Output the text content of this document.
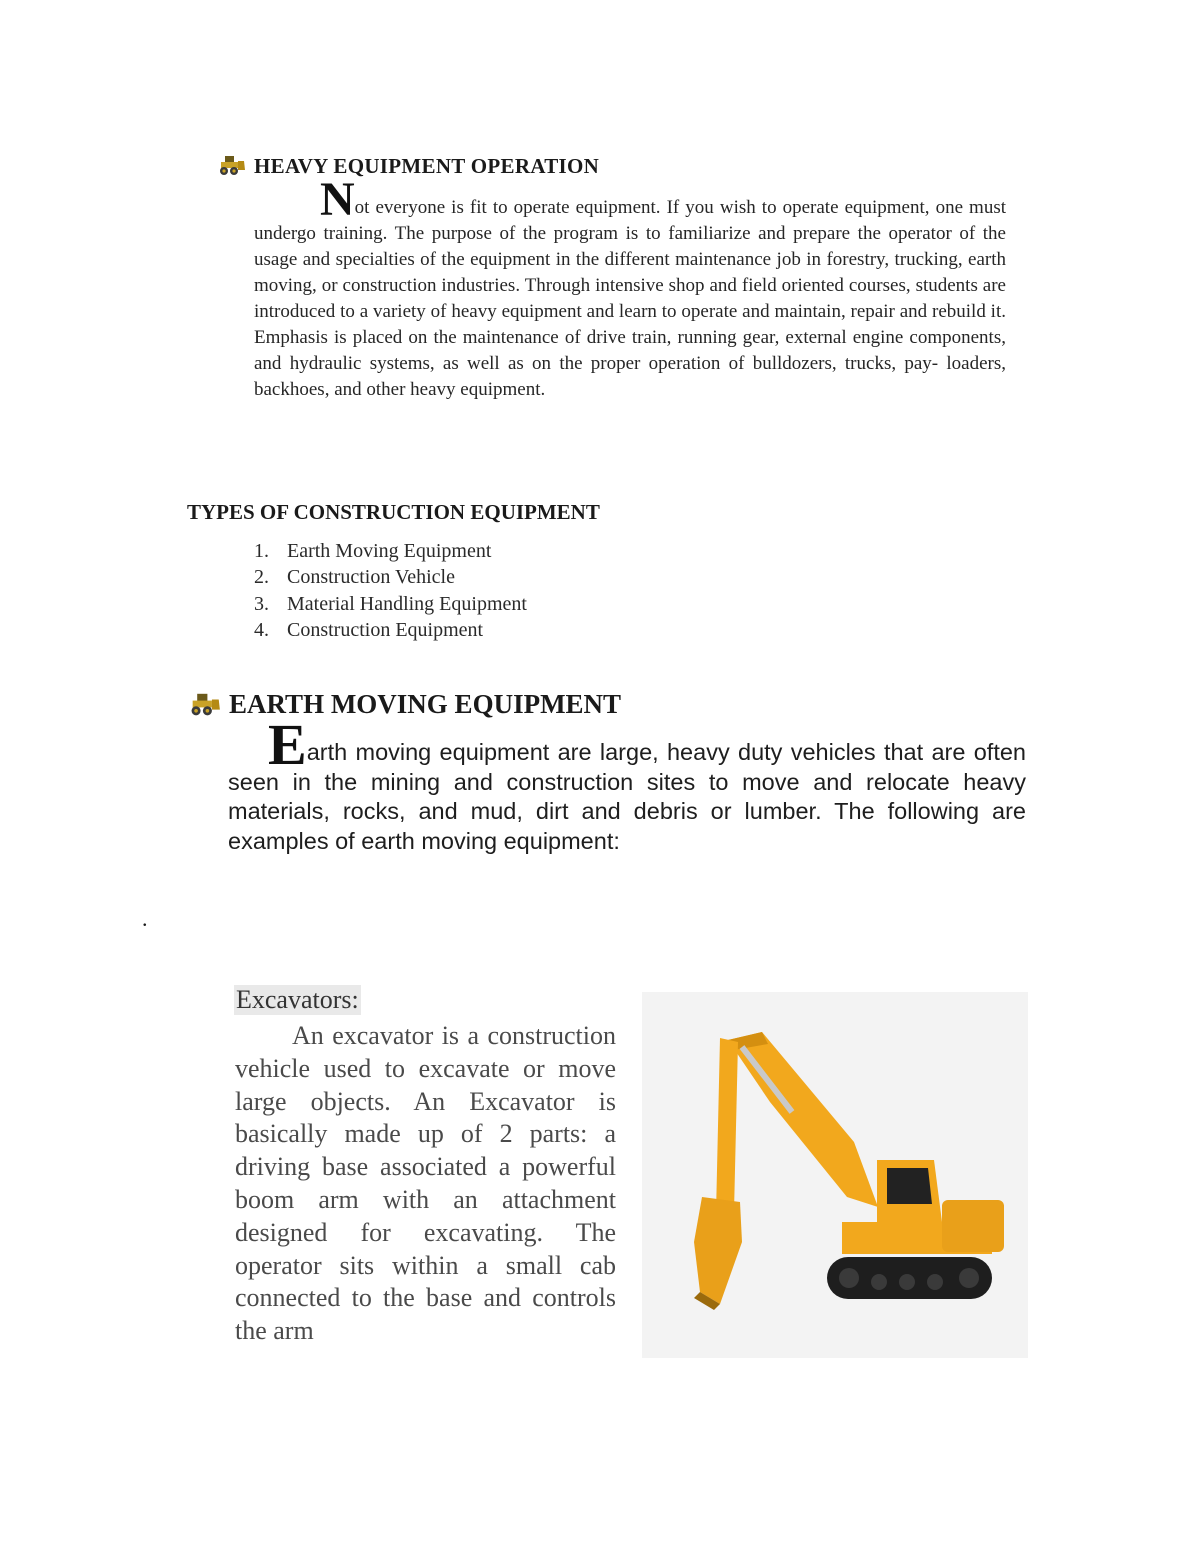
HEAVY EQUIPMENT OPERATION
Not everyone is fit to operate equipment. If you wish to operate equipment, one must undergo training. The purpose of the program is to familiarize and prepare the operator of the usage and specialties of the equipment in the different maintenance job in forestry, trucking, earth moving, or construction industries. Through intensive shop and field oriented courses, students are introduced to a variety of heavy equipment and learn to operate and maintain, repair and rebuild it. Emphasis is placed on the maintenance of drive train, running gear, external engine components, and hydraulic systems, as well as on the proper operation of bulldozers, trucks, pay- loaders, backhoes, and other heavy equipment.
TYPES OF CONSTRUCTION EQUIPMENT
1. Earth Moving Equipment
2. Construction Vehicle
3. Material Handling Equipment
4. Construction Equipment
EARTH MOVING EQUIPMENT
Earth moving equipment are large, heavy duty vehicles that are often seen in the mining and construction sites to move and relocate heavy materials, rocks, and mud, dirt and debris or lumber. The following are examples of earth moving equipment:
.
Excavators:
An excavator is a construction vehicle used to excavate or move large objects. An Excavator is basically made up of 2 parts: a driving base associated a powerful boom arm with an attachment designed for excavating. The operator sits within a small cab connected to the base and controls the arm
